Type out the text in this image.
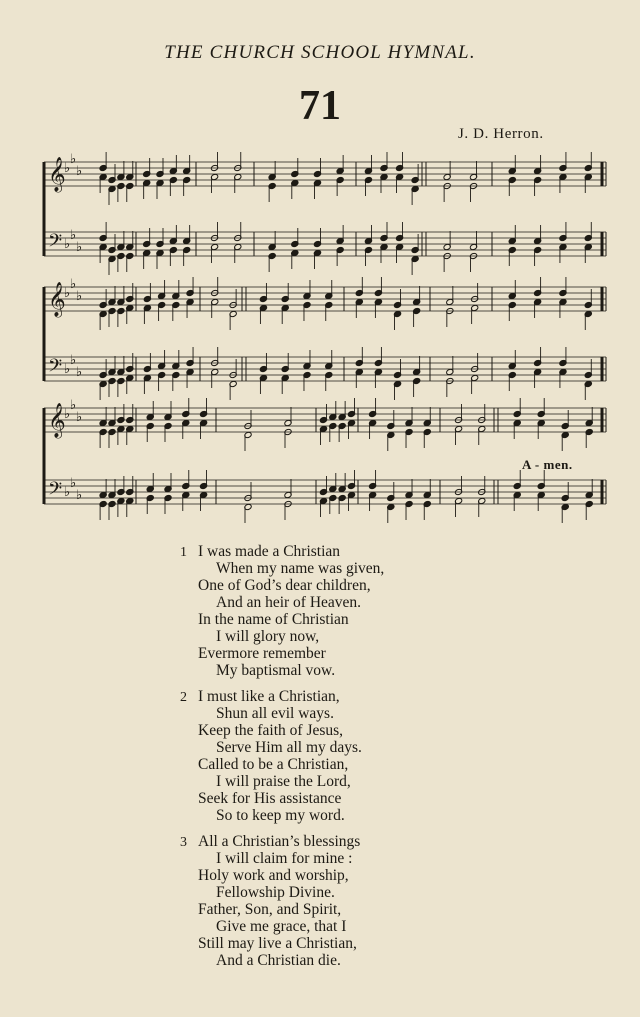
THE CHURCH SCHOOL HYMNAL.
71
J. D. Herron.
𝄞
♭
♭
♭
𝄢 ♭
♭
♭
𝄞
♭
♭
♭
𝄢 ♭
♭
♭
𝄞
♭
♭
♭
𝄢 ♭
♭
♭
A - men.
1 I was made a Christian
When my name was given,
One of God’s dear children,
And an heir of Heaven.
In the name of Christian
I will glory now,
Evermore remember
My baptismal vow.
2 I must like a Christian,
Shun all evil ways.
Keep the faith of Jesus,
Serve Him all my days.
Called to be a Christian,
I will praise the Lord,
Seek for His assistance
So to keep my word.
3 All a Christian’s blessings
I will claim for mine :
Holy work and worship,
Fellowship Divine.
Father, Son, and Spirit,
Give me grace, that I
Still may live a Christian,
And a Christian die.
